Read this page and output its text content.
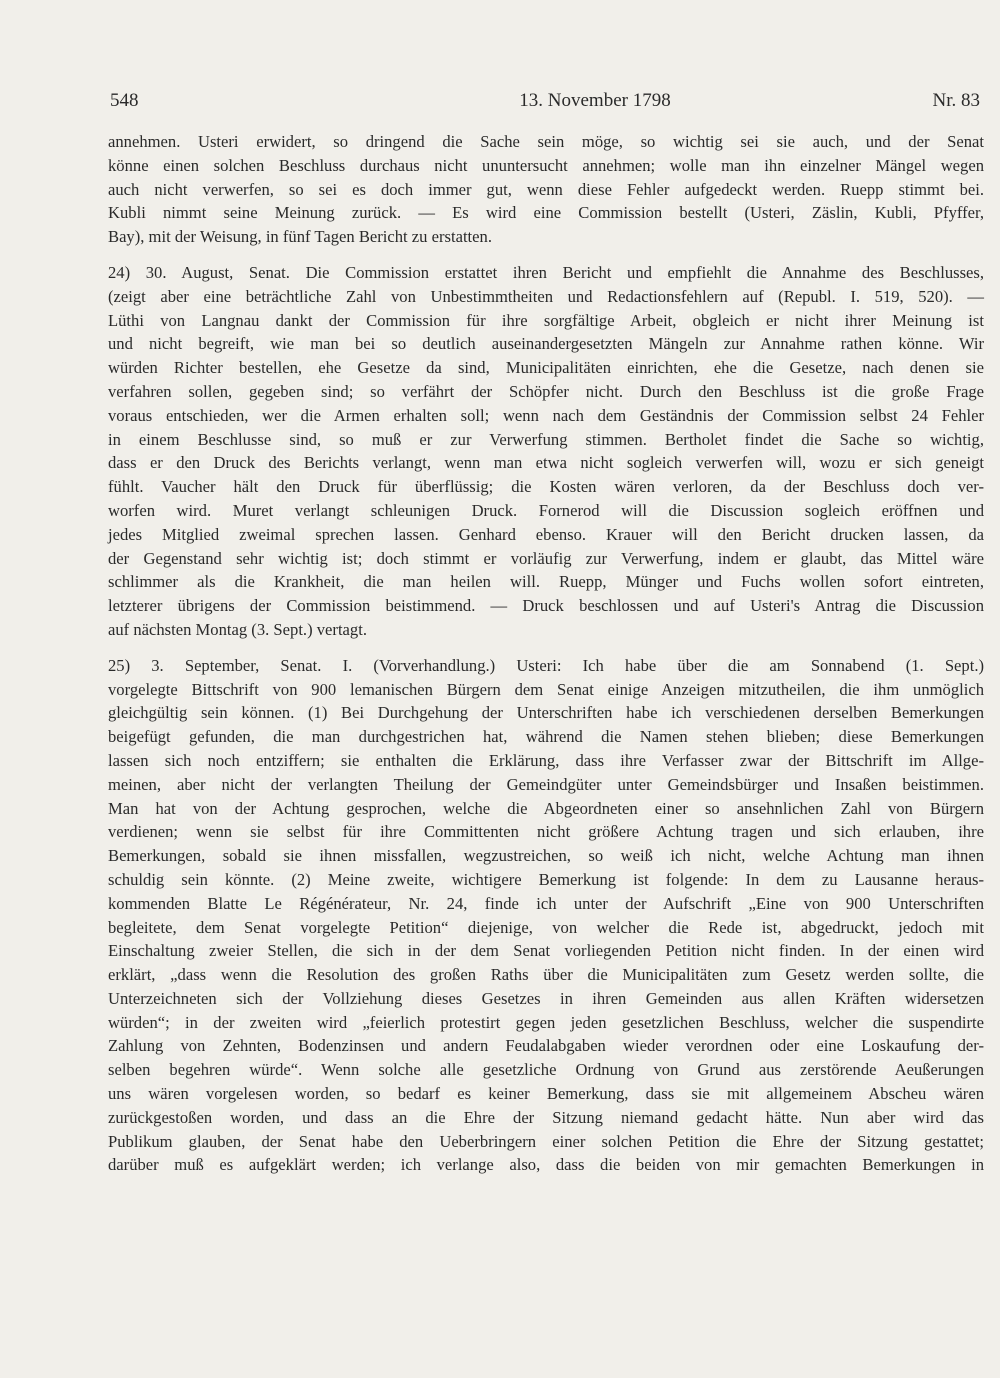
548	13. November 1798	Nr. 83
annehmen. Usteri erwidert, so dringend die Sache sein möge, so wichtig sei sie auch, und der Senat
könne einen solchen Beschluss durchaus nicht ununtersucht annehmen; wolle man ihn einzelner Mängel wegen
auch nicht verwerfen, so sei es doch immer gut, wenn diese Fehler aufgedeckt werden. Ruepp stimmt bei.
Kubli nimmt seine Meinung zurück. — Es wird eine Commission bestellt (Usteri, Zäslin, Kubli, Pfyffer,
Bay), mit der Weisung, in fünf Tagen Bericht zu erstatten.
24) 30. August, Senat. Die Commission erstattet ihren Bericht und empfiehlt die Annahme des Beschlusses,
(zeigt aber eine beträchtliche Zahl von Unbestimmtheiten und Redactionsfehlern auf (Republ. I. 519, 520). —
Lüthi von Langnau dankt der Commission für ihre sorgfältige Arbeit, obgleich er nicht ihrer Meinung ist
und nicht begreift, wie man bei so deutlich auseinandergesetzten Mängeln zur Annahme rathen könne. Wir
würden Richter bestellen, ehe Gesetze da sind, Municipalitäten einrichten, ehe die Gesetze, nach denen sie
verfahren sollen, gegeben sind; so verfährt der Schöpfer nicht. Durch den Beschluss ist die große Frage
voraus entschieden, wer die Armen erhalten soll; wenn nach dem Geständnis der Commission selbst 24 Fehler
in einem Beschlusse sind, so muß er zur Verwerfung stimmen. Bertholet findet die Sache so wichtig,
dass er den Druck des Berichts verlangt, wenn man etwa nicht sogleich verwerfen will, wozu er sich geneigt
fühlt. Vaucher hält den Druck für überflüssig; die Kosten wären verloren, da der Beschluss doch ver-
worfen wird. Muret verlangt schleunigen Druck. Fornerod will die Discussion sogleich eröffnen und
jedes Mitglied zweimal sprechen lassen. Genhard ebenso. Krauer will den Bericht drucken lassen, da
der Gegenstand sehr wichtig ist; doch stimmt er vorläufig zur Verwerfung, indem er glaubt, das Mittel wäre
schlimmer als die Krankheit, die man heilen will. Ruepp, Münger und Fuchs wollen sofort eintreten,
letzterer übrigens der Commission beistimmend. — Druck beschlossen und auf Usteri's Antrag die Discussion
auf nächsten Montag (3. Sept.) vertagt.
25) 3. September, Senat. I. (Vorverhandlung.) Usteri: Ich habe über die am Sonnabend (1. Sept.)
vorgelegte Bittschrift von 900 lemanischen Bürgern dem Senat einige Anzeigen mitzutheilen, die ihm unmöglich
gleichgültig sein können. (1) Bei Durchgehung der Unterschriften habe ich verschiedenen derselben Bemerkungen
beigefügt gefunden, die man durchgestrichen hat, während die Namen stehen blieben; diese Bemerkungen
lassen sich noch entziffern; sie enthalten die Erklärung, dass ihre Verfasser zwar der Bittschrift im Allge-
meinen, aber nicht der verlangten Theilung der Gemeindgüter unter Gemeindsbürger und Insaßen beistimmen.
Man hat von der Achtung gesprochen, welche die Abgeordneten einer so ansehnlichen Zahl von Bürgern
verdienen; wenn sie selbst für ihre Committenten nicht größere Achtung tragen und sich erlauben, ihre
Bemerkungen, sobald sie ihnen missfallen, wegzustreichen, so weiß ich nicht, welche Achtung man ihnen
schuldig sein könnte. (2) Meine zweite, wichtigere Bemerkung ist folgende: In dem zu Lausanne heraus-
kommenden Blatte Le Régénérateur, Nr. 24, finde ich unter der Aufschrift „Eine von 900 Unterschriften
begleitete, dem Senat vorgelegte Petition“ diejenige, von welcher die Rede ist, abgedruckt, jedoch mit
Einschaltung zweier Stellen, die sich in der dem Senat vorliegenden Petition nicht finden. In der einen wird
erklärt, „dass wenn die Resolution des großen Raths über die Municipalitäten zum Gesetz werden sollte, die
Unterzeichneten sich der Vollziehung dieses Gesetzes in ihren Gemeinden aus allen Kräften widersetzen
würden“; in der zweiten wird „feierlich protestirt gegen jeden gesetzlichen Beschluss, welcher die suspendirte
Zahlung von Zehnten, Bodenzinsen und andern Feudalabgaben wieder verordnen oder eine Loskaufung der-
selben begehren würde“. Wenn solche alle gesetzliche Ordnung von Grund aus zerstörende Aeußerungen
uns wären vorgelesen worden, so bedarf es keiner Bemerkung, dass sie mit allgemeinem Abscheu wären
zurückgestoßen worden, und dass an die Ehre der Sitzung niemand gedacht hätte. Nun aber wird das
Publikum glauben, der Senat habe den Ueberbringern einer solchen Petition die Ehre der Sitzung gestattet;
darüber muß es aufgeklärt werden; ich verlange also, dass die beiden von mir gemachten Bemerkungen in
